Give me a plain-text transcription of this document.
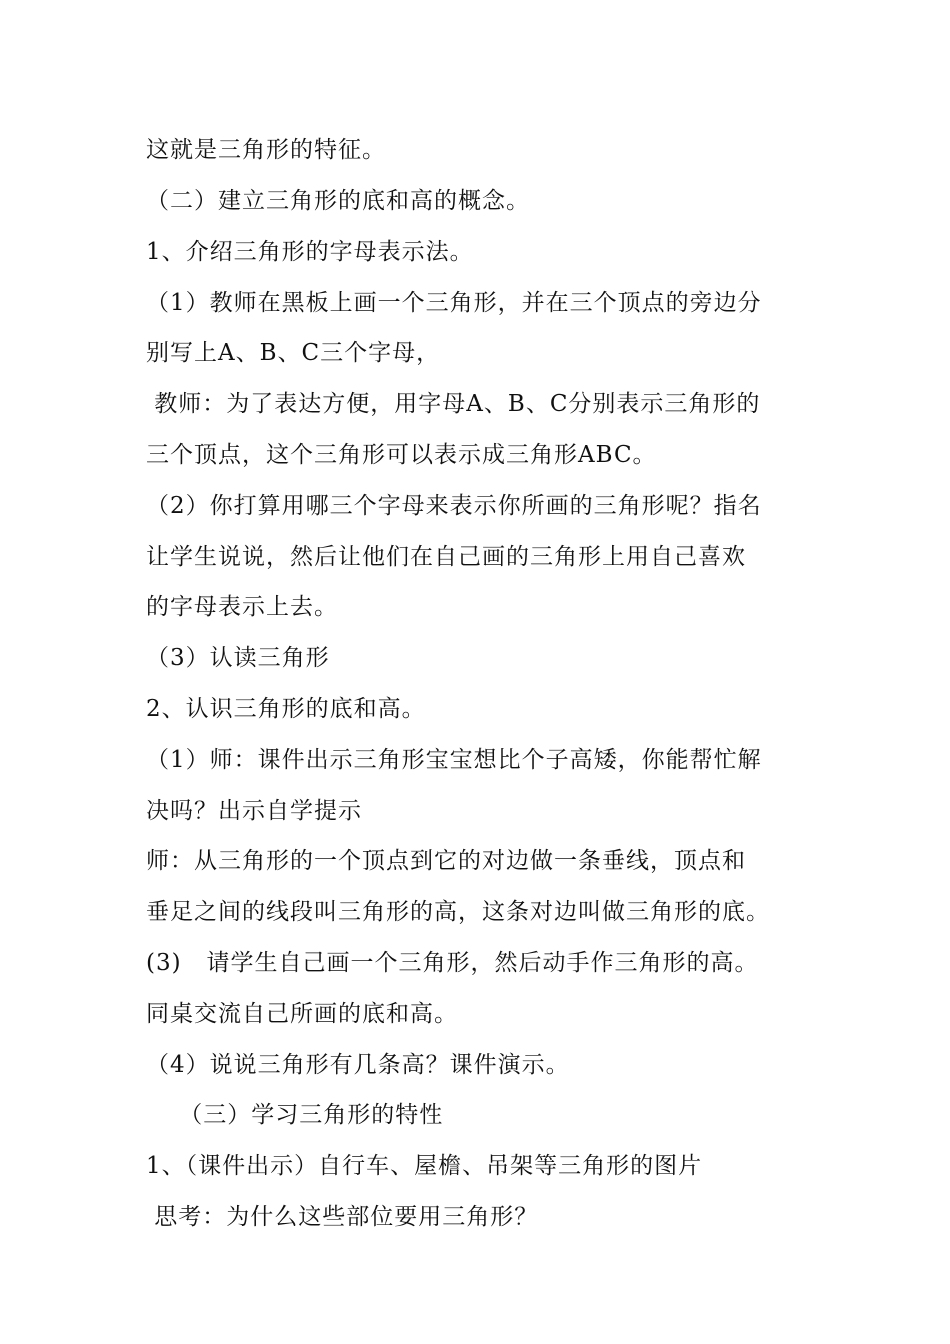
这就是三角形的特征。
（二）建立三角形的底和高的概念。
1、介绍三角形的字母表示法。
（1）教师在黑板上画一个三角形，并在三个顶点的旁边分
别写上A、B、C三个字母，
教师：为了表达方便，用字母A、B、C分别表示三角形的
三个顶点，这个三角形可以表示成三角形ABC。
（2）你打算用哪三个字母来表示你所画的三角形呢？指名
让学生说说，然后让他们在自己画的三角形上用自己喜欢
的字母表示上去。
（3）认读三角形
2、认识三角形的底和高。
（1）师：课件出示三角形宝宝想比个子高矮，你能帮忙解
决吗？出示自学提示
师：从三角形的一个顶点到它的对边做一条垂线，顶点和
垂足之间的线段叫三角形的高，这条对边叫做三角形的底。
(3)   请学生自己画一个三角形，然后动手作三角形的高。
同桌交流自己所画的底和高。
（4）说说三角形有几条高？课件演示。
（三）学习三角形的特性
1、（课件出示）自行车、屋檐、吊架等三角形的图片
思考：为什么这些部位要用三角形？
